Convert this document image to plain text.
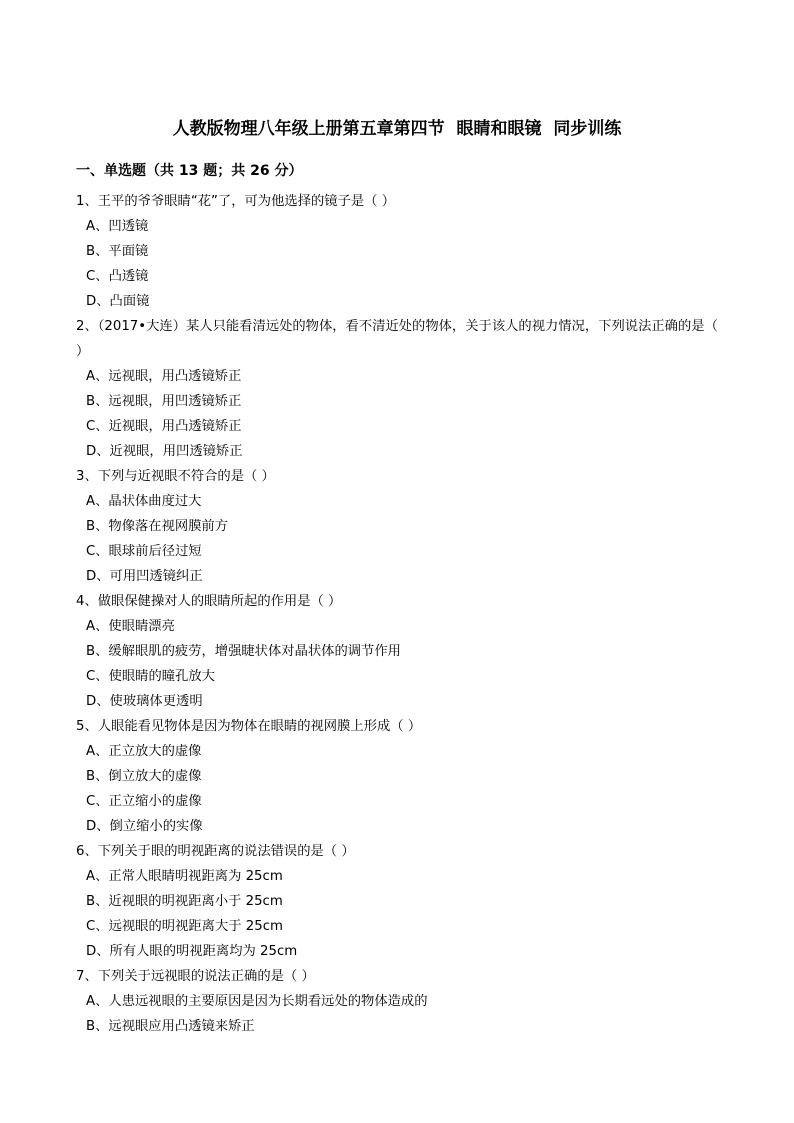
人教版物理八年级上册第五章第四节  眼睛和眼镜  同步训练
一、单选题（共 13 题；共 26 分）
1、王平的爷爷眼睛“花”了，可为他选择的镜子是（ ）
A、凹透镜
B、平面镜
C、凸透镜
D、凸面镜
2、（2017•大连）某人只能看清远处的物体，看不清近处的物体，关于该人的视力情况，下列说法正确的是（ ）
A、远视眼，用凸透镜矫正
B、远视眼，用凹透镜矫正
C、近视眼，用凸透镜矫正
D、近视眼，用凹透镜矫正
3、下列与近视眼不符合的是（ ）
A、晶状体曲度过大
B、物像落在视网膜前方
C、眼球前后径过短
D、可用凹透镜纠正
4、做眼保健操对人的眼睛所起的作用是（ ）
A、使眼睛漂亮
B、缓解眼肌的疲劳，增强睫状体对晶状体的调节作用
C、使眼睛的瞳孔放大
D、使玻璃体更透明
5、人眼能看见物体是因为物体在眼睛的视网膜上形成（ ）
A、正立放大的虚像
B、倒立放大的虚像
C、正立缩小的虚像
D、倒立缩小的实像
6、下列关于眼的明视距离的说法错误的是（ ）
A、正常人眼睛明视距离为 25cm
B、近视眼的明视距离小于 25cm
C、远视眼的明视距离大于 25cm
D、所有人眼的明视距离均为 25cm
7、下列关于远视眼的说法正确的是（ ）
A、人患远视眼的主要原因是因为长期看远处的物体造成的
B、远视眼应用凸透镜来矫正
